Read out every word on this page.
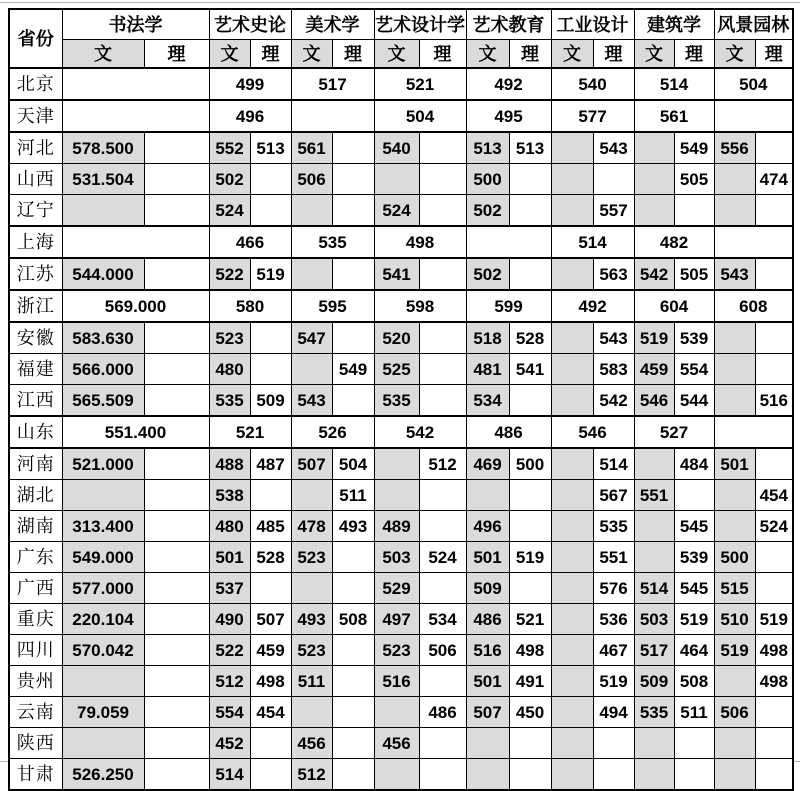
省份	书法学		艺术史论		美术学		艺术设计学		艺术教育		工业设计		建筑学		风景园林	
	文	理	文	理	文	理	文	理	文	理	文	理	文	理	文	理
北京			499		517		521		492		540		514		504	
天津			496				504		495		577		561			
河北	578.500		552	513	561		540		513	513		543		549	556	
山西	531.504		502		506				500					505		474
辽宁			524				524		502			557				
上海			466		535		498				514		482			
江苏	544.000		522	519			541		502			563	542	505	543	
浙江	569.000		580		595		598		599		492		604		608	
安徽	583.630		523		547		520		518	528		543	519	539		
福建	566.000		480			549	525		481	541		583	459	554		
江西	565.509		535	509	543		535		534			542	546	544		516
山东	551.400		521		526		542		486		546		527			
河南	521.000		488	487	507	504		512	469	500		514		484	501	
湖北			538			511						567	551			454
湖南	313.400		480	485	478	493	489		496			535		545		524
广东	549.000		501	528	523		503	524	501	519		551		539	500	
广西	577.000		537				529		509			576	514	545	515	
重庆	220.104		490	507	493	508	497	534	486	521		536	503	519	510	519
四川	570.042		522	459	523		523	506	516	498		467	517	464	519	498
贵州			512	498	511		516		501	491		519	509	508		498
云南	79.059		554	454				486	507	450		494	535	511	506	
陕西			452		456		456									
甘肃	526.250		514		512											
